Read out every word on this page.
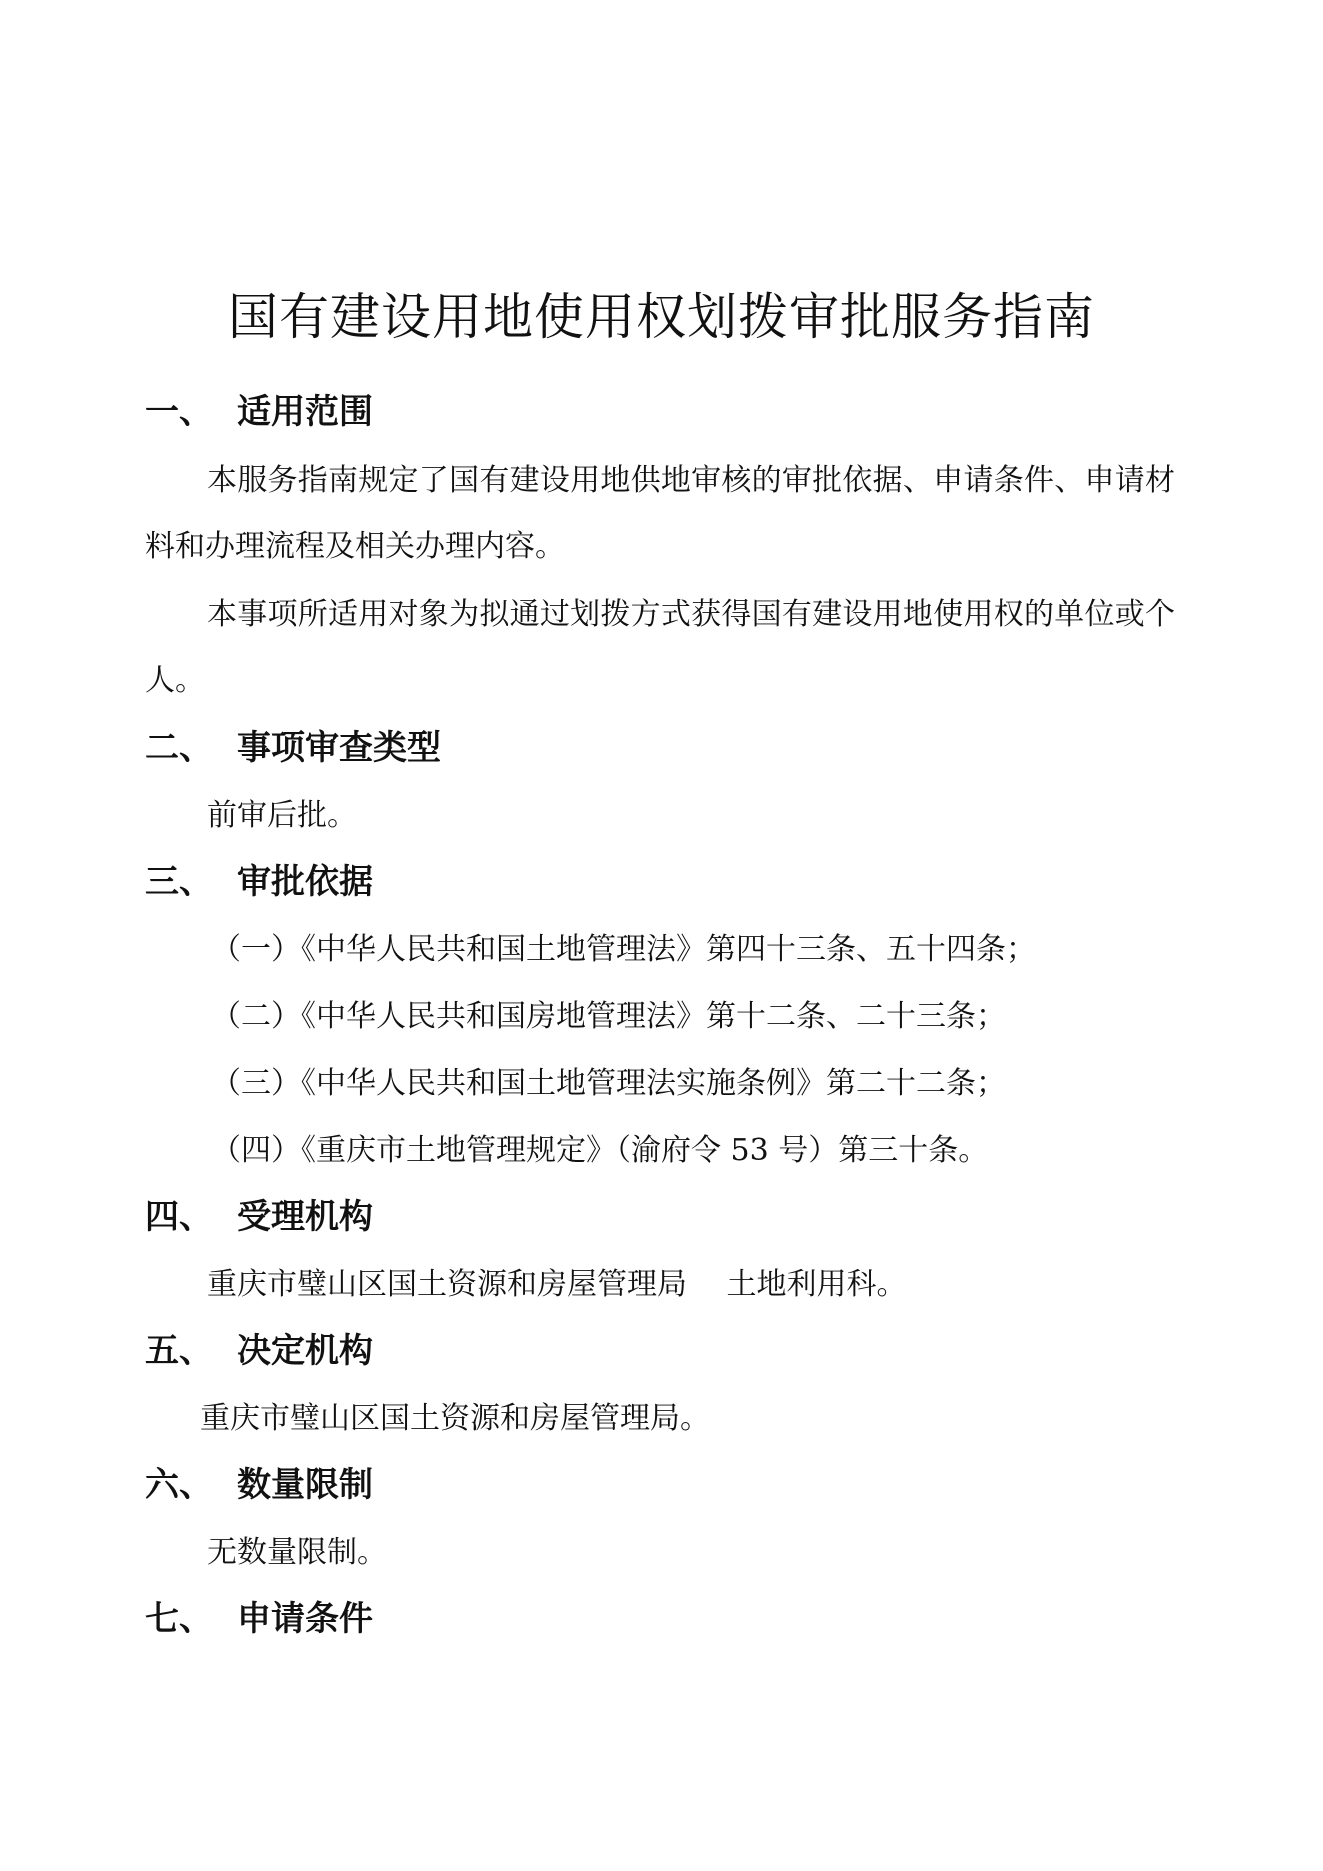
国有建设用地使用权划拨审批服务指南
一、 适用范围
本服务指南规定了国有建设用地供地审核的审批依据、申请条件、申请材料和办理流程及相关办理内容。
本事项所适用对象为拟通过划拨方式获得国有建设用地使用权的单位或个人。
二、 事项审查类型
前审后批。
三、 审批依据
（一）《中华人民共和国土地管理法》第四十三条、五十四条；
（二）《中华人民共和国房地管理法》第十二条、二十三条；
（三）《中华人民共和国土地管理法实施条例》第二十二条；
（四）《重庆市土地管理规定》（渝府令 53 号）第三十条。
四、 受理机构
重庆市璧山区国土资源和房屋管理局　 土地利用科。
五、 决定机构
重庆市璧山区国土资源和房屋管理局。
六、 数量限制
无数量限制。
七、 申请条件
